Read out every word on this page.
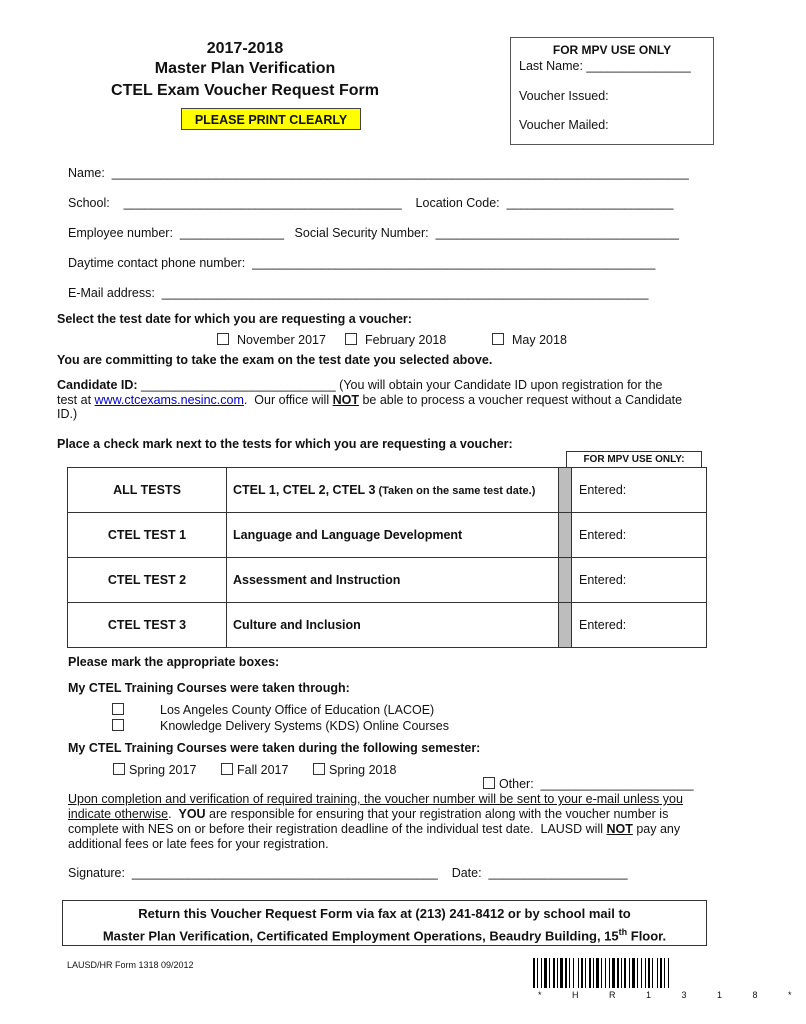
2017-2018
Master Plan Verification
CTEL Exam Voucher Request Form
PLEASE PRINT CLEARLY
FOR MPV USE ONLY
Last Name: _______________
Voucher Issued:
Voucher Mailed:
Name:  ___________________________________________________________________________________
School:    ________________________________________    Location Code:  ________________________
Employee number:  _______________   Social Security Number:  ___________________________________
Daytime contact phone number:  __________________________________________________________
E-Mail address:  ______________________________________________________________________
Select the test date for which you are requesting a voucher:
November 2017	February 2018	May 2018
You are committing to take the exam on the test date you selected above.
Candidate ID: ____________________________ (You will obtain your Candidate ID upon registration for the
test at www.ctcexams.nesinc.com.  Our office will NOT be able to process a voucher request without a Candidate
ID.)
Place a check mark next to the tests for which you are requesting a voucher:
FOR MPV USE ONLY:
ALL TESTS	CTEL 1, CTEL 2, CTEL 3 (Taken on the same test date.)		Entered:
CTEL TEST 1	Language and Language Development		Entered:
CTEL TEST 2	Assessment and Instruction		Entered:
CTEL TEST 3	Culture and Inclusion		Entered:
Please mark the appropriate boxes:
My CTEL Training Courses were taken through:
Los Angeles County Office of Education (LACOE)
Knowledge Delivery Systems (KDS) Online Courses
My CTEL Training Courses were taken during the following semester:
Spring 2017	Fall 2017	Spring 2018

Other:  ______________________

Upon completion and verification of required training, the voucher number will be sent to your e-mail unless you
indicate otherwise.  YOU are responsible for ensuring that your registration along with the voucher number is
complete with NES on or before their registration deadline of the individual test date.  LAUSD will NOT pay any
additional fees or late fees for your registration.
Signature:  ____________________________________________    Date:  ____________________
Return this Voucher Request Form via fax at (213) 241-8412 or by school mail to
Master Plan Verification, Certificated Employment Operations, Beaudry Building, 15th Floor.
LAUSD/HR Form 1318 09/2012
* H R 1 3 1 8 *
